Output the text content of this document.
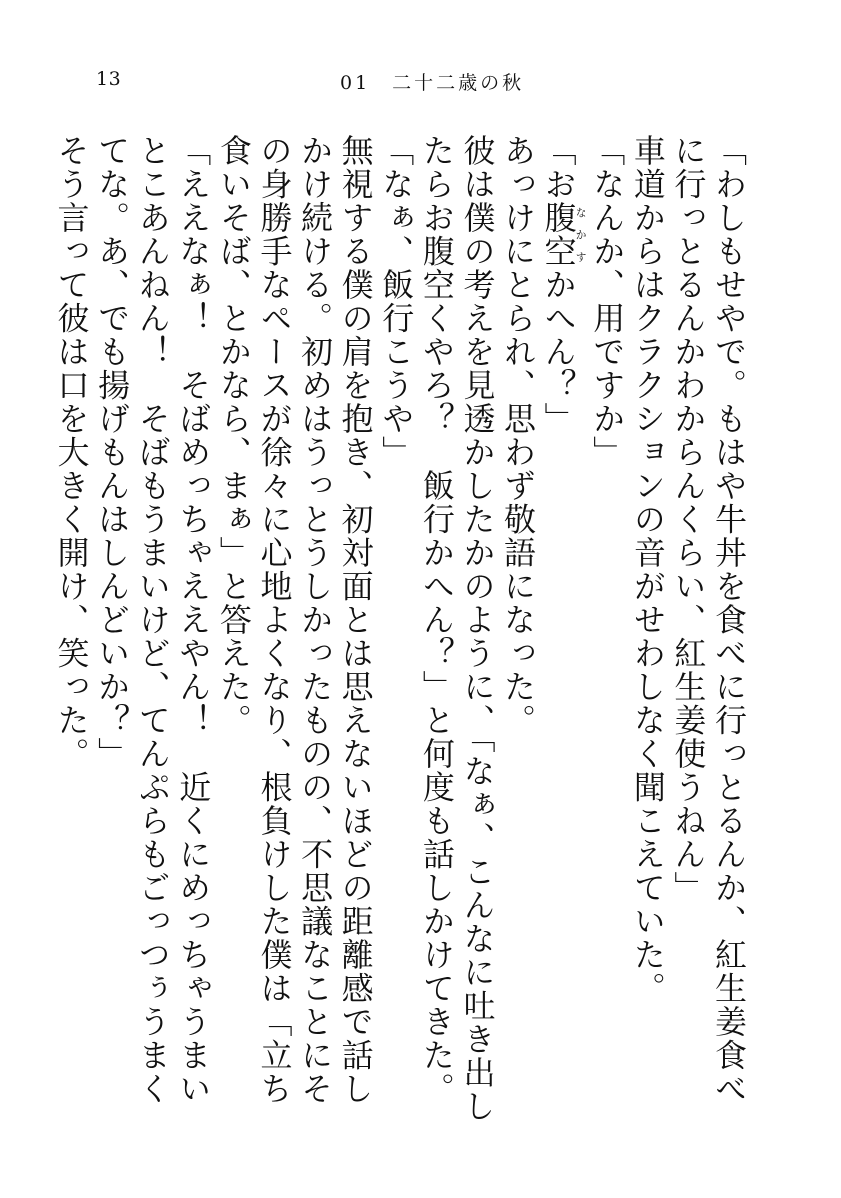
13	01　二十二歳の秋

「わしもせやで。もはや牛丼を食べに行っとるんか、紅生姜食べに行っとるんかわからんくらい、紅生姜使うねん」

車道からはクラクションの音がせわしなく聞こえていた。

「なんか、用ですか」

「お腹空なかすかへん？」

あっけにとられ、思わず敬語になった。

彼は僕の考えを見透かしたかのように、「なぁ、こんなに吐き出したらお腹空くやろ？　飯行かへん？」と何度も話しかけてきた。

「なぁ、飯行こうや」

無視する僕の肩を抱き、初対面とは思えないほどの距離感で話しかけ続ける。初めはうっとうしかったものの、不思議なことにその身勝手なペースが徐々に心地よくなり、根負けした僕は「立ち食いそば、とかなら、まぁ」と答えた。

「ええなぁ！　そばめっちゃええやん！　近くにめっちゃうまいとこあんねん！　そばもうまいけど、てんぷらもごっつぅうまくてな。あ、でも揚げもんはしんどいか？」

そう言って彼は口を大きく開け、笑った。
